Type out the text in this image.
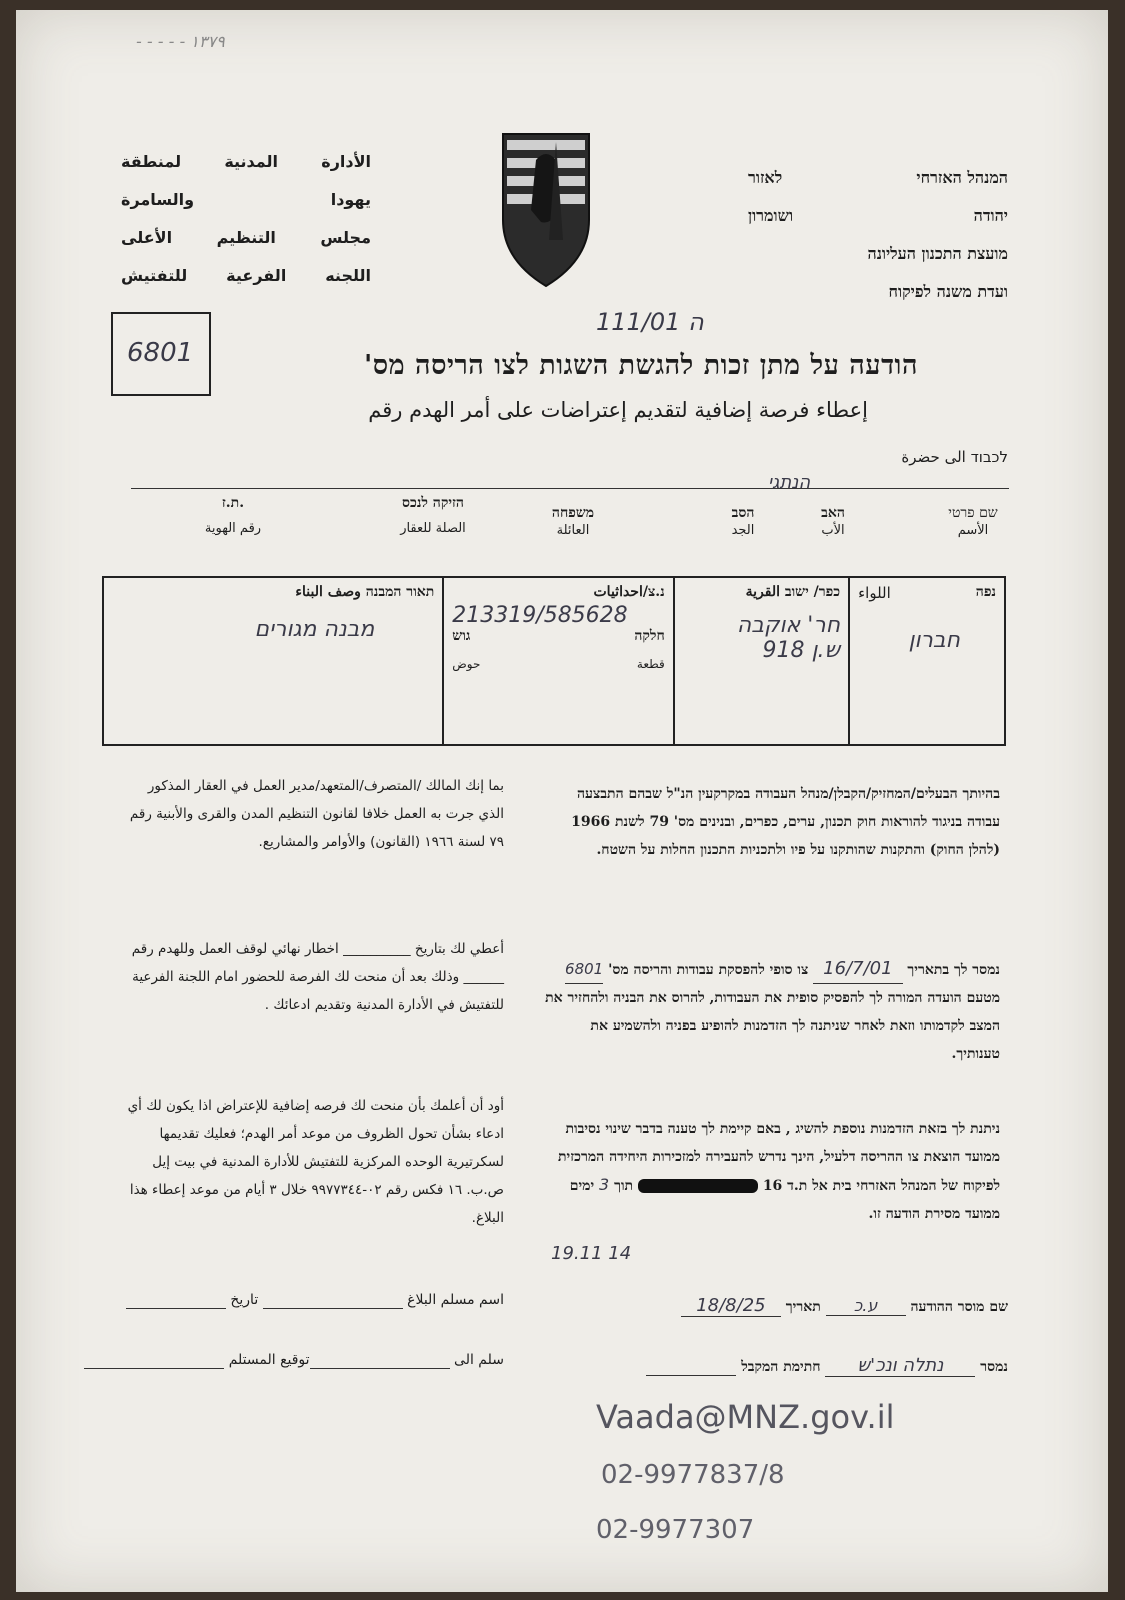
- - - - - ١٣٧٩
המנהל האזרחי
לאזור
יהודה
ושומרון
מועצת התכנון העליונה
ועדת משנה לפיקוח
الأدارة
المدنية
لمنطقة
يهودا
والسامرة
مجلس
التنظيم
الأعلى
اللجنه
الفرعية
للتفتيش
111/01 ה
6801	הודעה על מתן זכות להגשת השגות לצו הריסה מס'
إعطاء فرصة إضافية لتقديم إعتراضات على أمر الهدم رقم
לכבוד الى حضرة
הנתגי
שם פרטי
الأسم
האב
الأب
הסב
الجد
משפחה
العائلة
הזיקה לנכס
الصلة للعقار
ת.ז.
رقم الهوية
תאור המבנה وصف البناء
מבנה מגורים

נ.צ/احداثيات
213319/585628
חלקה
גוש
قطعة
حوض

כפר/ ישוב القرية
חר' אוקבה
ש.ן 918

נפה
اللواء
חברון
בהיותך הבעלים/המחזיק/הקבלן/מנהל העבודה במקרקעין הנ"ל שבהם התבצעה עבודה בניגוד להוראות חוק תכנון, ערים, כפרים, ובנינים מס' 79 לשנת 1966 (להלן החוק) והתקנות שהותקנו על פיו ולתכניות התכנון החלות על השטח.
נמסר לך בתאריך 16/7/01 צו סופי להפסקת עבודות והריסה מס' 6801 מטעם הועדה המורה לך להפסיק סופית את העבודות, להרוס את הבניה ולהחזיר את המצב לקדמותו וזאת לאחר שניתנה לך הזדמנות להופיע בפניה ולהשמיע את טענותיך.
ניתנת לך בזאת הזדמנות נוספת להשיג , באם קיימת לך טענה בדבר שינוי נסיבות ממועד הוצאת צו ההריסה דלעיל, הינך נדרש להעבירה למזכירות היחידה המרכזית לפיקוח של המנהל האזרחי בית אל ת.ד 16  תוך 3 ימים ממועד מסירת הודעה זו.
19.11 14
שם מוסר ההודעה ע.כ תאריך 18/8/25
נמסר נתלה ונכ'ש חתימת המקבל
بما إنك المالك /المتصرف/المتعهد/مدير العمل في العقار المذكور الذي جرت به العمل خلافا لقانون التنظيم المدن والقرى والأبنية رقم ٧٩ لسنة ١٩٦٦ (القانون) والأوامر والمشاريع.
أعطي لك بتاريخ __________ اخطار نهائي لوقف العمل وللهدم رقم ______ وذلك بعد أن منحت لك الفرصة للحضور امام اللجنة الفرعية للتفتيش في الأدارة المدنية وتقديم ادعائك .
أود أن أعلمك بأن منحت لك فرصه إضافية للإعتراض اذا يكون لك أي ادعاء بشأن تحول الظروف من موعد أمر الهدم؛ فعليك تقديمها لسكرتيرية الوحده المركزية للتفتيش للأدارة المدنية في بيت إيل ص.ب. ١٦ فكس رقم ٠٢-٩٩٧٧٣٤٤ خلال ٣ أيام من موعد إعطاء هذا البلاغ.
اسم مسلم البلاغ   تاريخ
سلم الى  توقيع المستلم
Vaada@MNZ.gov.il
02-9977837/8
02-9977307
